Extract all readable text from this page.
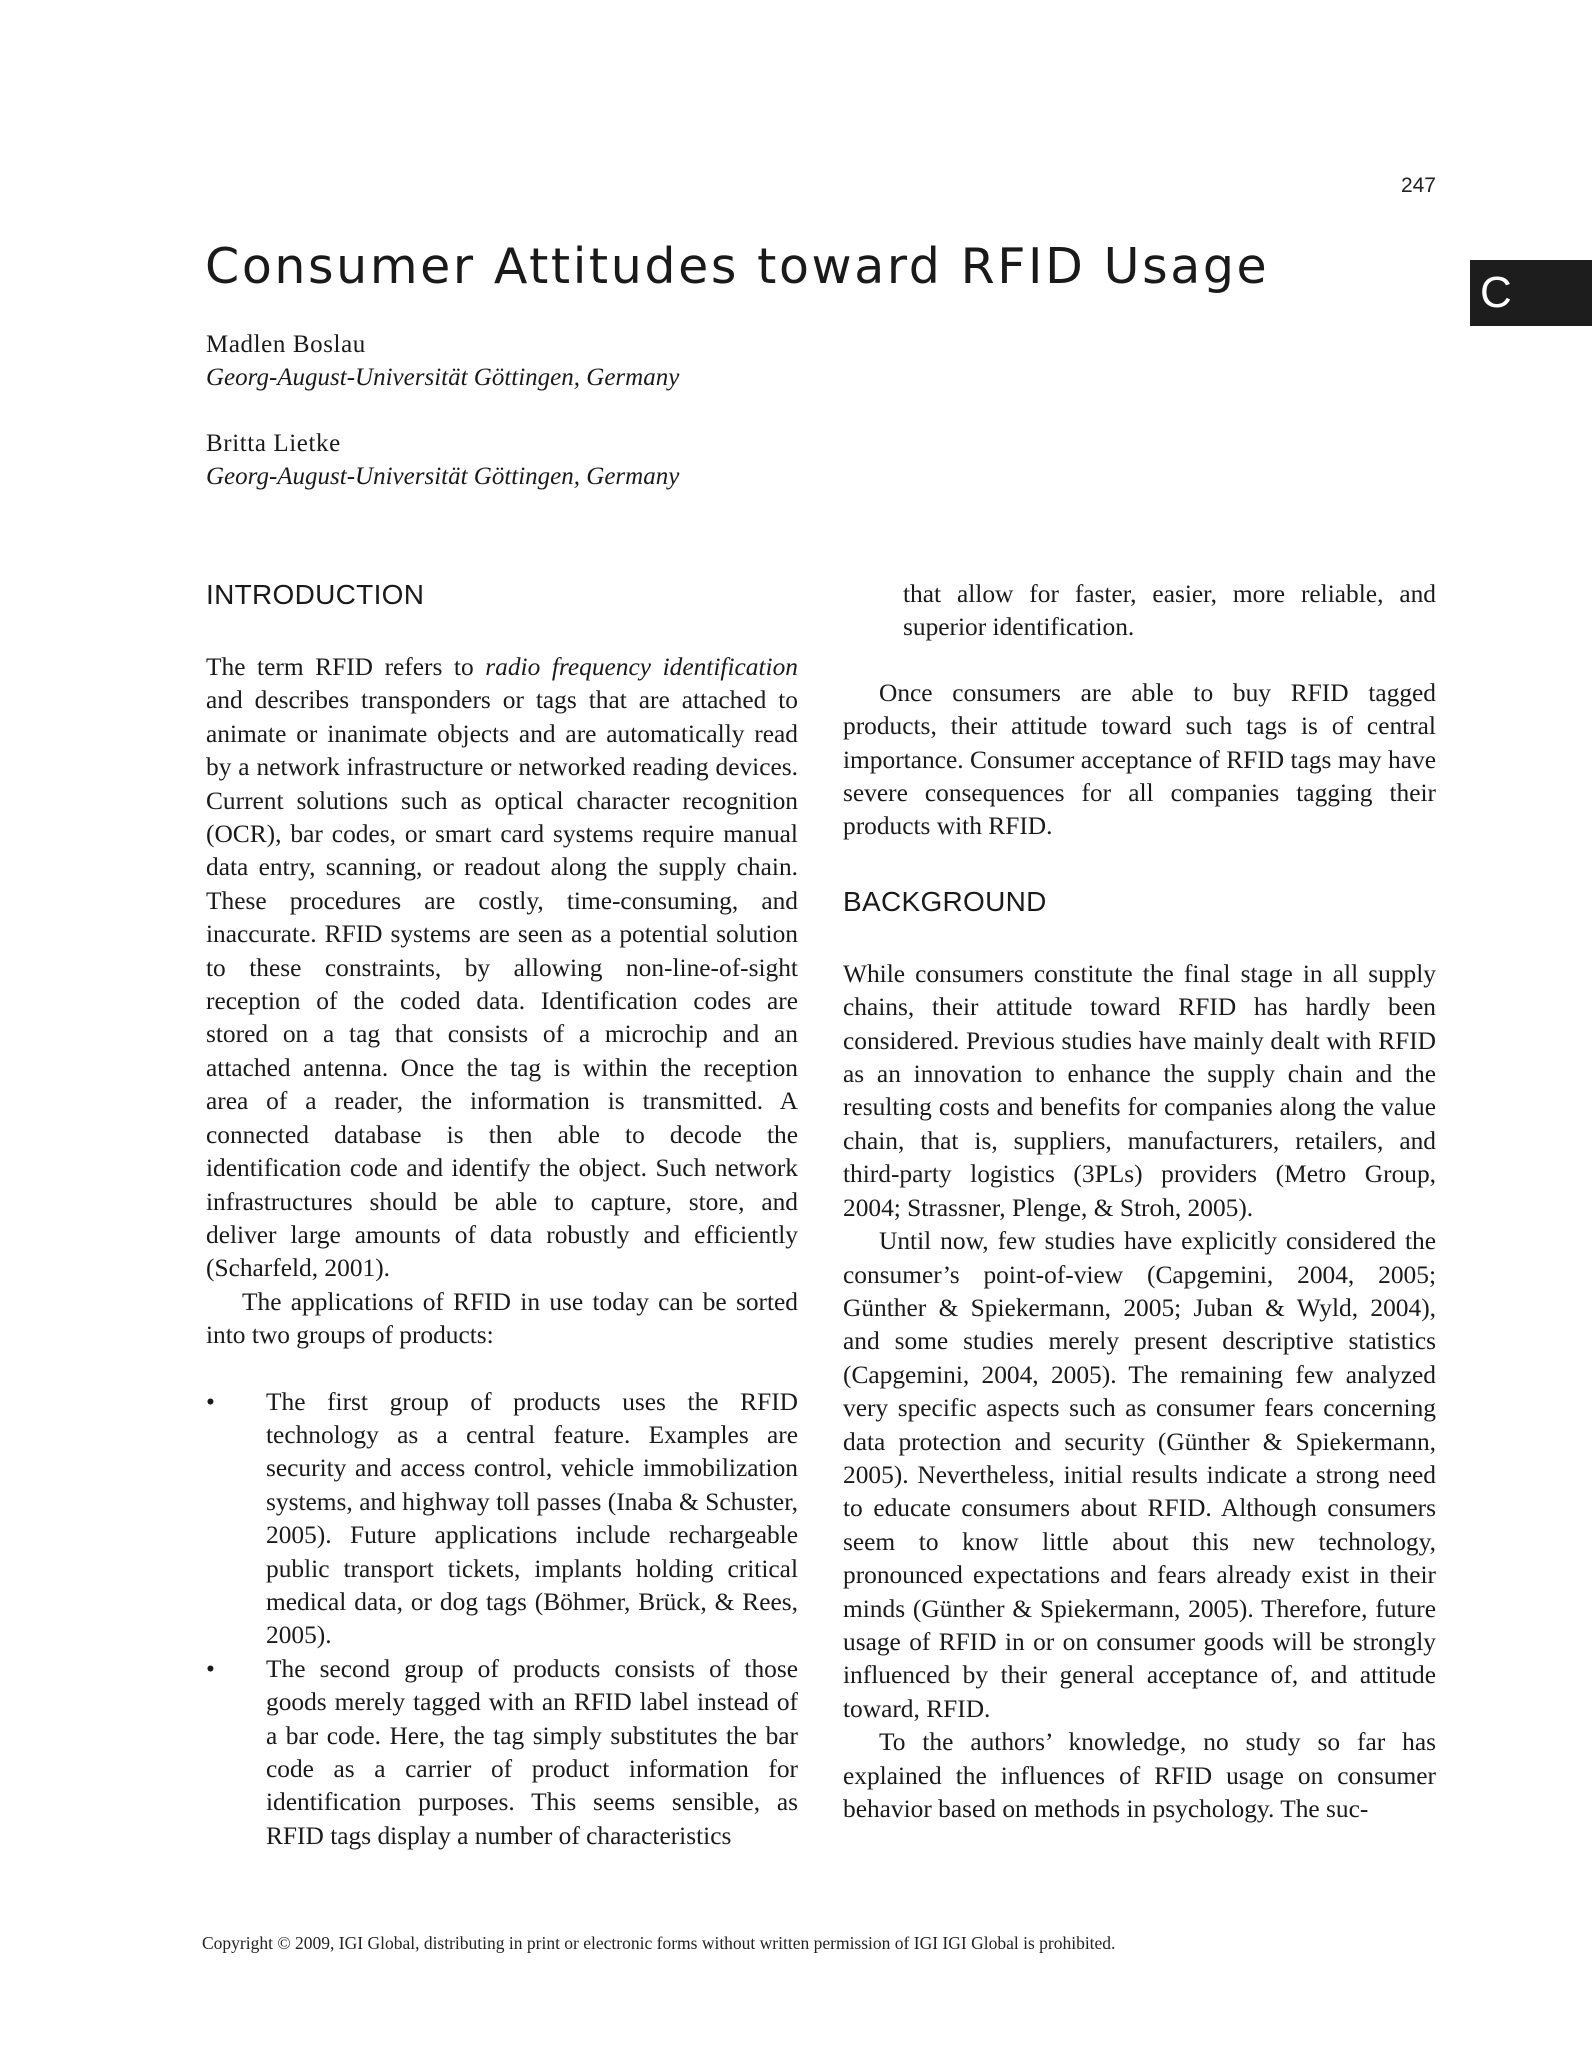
247
C
Consumer Attitudes toward RFID Usage
Madlen Boslau
Georg-August-Universität Göttingen, Germany
Britta Lietke
Georg-August-Universität Göttingen, Germany
INTRODUCTION

The term RFID refers to radio frequency identification and describes transponders or tags that are attached to animate or inanimate objects and are automatically read by a network infrastructure or networked reading devices. Current solutions such as optical character recognition (OCR), bar codes, or smart card systems require manual data entry, scanning, or readout along the supply chain. These procedures are costly, time-consuming, and inaccurate. RFID systems are seen as a potential solution to these constraints, by allowing non-line-of-sight reception of the coded data. Identification codes are stored on a tag that consists of a microchip and an attached antenna. Once the tag is within the reception area of a reader, the information is transmitted. A connected database is then able to decode the identification code and identify the object. Such network infrastructures should be able to capture, store, and deliver large amounts of data robustly and efficiently (Scharfeld, 2001).

The applications of RFID in use today can be sorted into two groups of products:

• The first group of products uses the RFID technology as a central feature. Examples are security and access control, vehicle immobilization systems, and highway toll passes (Inaba & Schuster, 2005). Future applications include rechargeable public transport tickets, implants holding critical medical data, or dog tags (Böhmer, Brück, & Rees, 2005).
• The second group of products consists of those goods merely tagged with an RFID label instead of a bar code. Here, the tag simply substitutes the bar code as a carrier of product information for identification purposes. This seems sensible, as RFID tags display a number of characteristics

that allow for faster, easier, more reliable, and superior identification.

Once consumers are able to buy RFID tagged products, their attitude toward such tags is of central importance. Consumer acceptance of RFID tags may have severe consequences for all companies tagging their products with RFID.

BACKGROUND

While consumers constitute the final stage in all supply chains, their attitude toward RFID has hardly been considered. Previous studies have mainly dealt with RFID as an innovation to enhance the supply chain and the resulting costs and benefits for companies along the value chain, that is, suppliers, manufacturers, retailers, and third-party logistics (3PLs) providers (Metro Group, 2004; Strassner, Plenge, & Stroh, 2005).

Until now, few studies have explicitly considered the consumer’s point-of-view (Capgemini, 2004, 2005; Günther & Spiekermann, 2005; Juban & Wyld, 2004), and some studies merely present descriptive statistics (Capgemini, 2004, 2005). The remaining few analyzed very specific aspects such as consumer fears concerning data protection and security (Günther & Spiekermann, 2005). Nevertheless, initial results indicate a strong need to educate consumers about RFID. Although consumers seem to know little about this new technology, pronounced expectations and fears already exist in their minds (Günther & Spiekermann, 2005). Therefore, future usage of RFID in or on consumer goods will be strongly influenced by their general acceptance of, and attitude toward, RFID.

To the authors’ knowledge, no study so far has explained the influences of RFID usage on consumer behavior based on methods in psychology. The suc-

Copyright © 2009, IGI Global, distributing in print or electronic forms without written permission of IGI IGI Global is prohibited.
